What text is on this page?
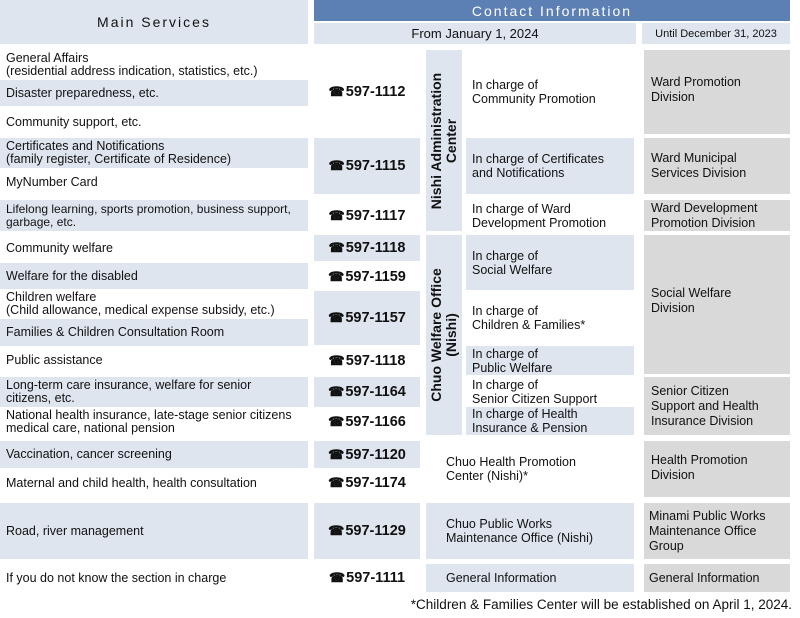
Main Services
Contact Information
From January 1, 2024	Until December 31, 2023
General Affairs
(residential address indication, statistics, etc.)
Disaster preparedness, etc.
Community support, etc.
Certificates and Notifications
(family register, Certificate of Residence)
MyNumber Card
Lifelong learning, sports promotion, business support,
garbage, etc.
Community welfare
Welfare for the disabled
Children welfare
(Child allowance, medical expense subsidy, etc.)
Families & Children Consultation Room
Public assistance
Long-term care insurance, welfare for senior
citizens, etc.
National health insurance, late-stage senior citizens
medical care, national pension
Vaccination, cancer screening
Maternal and child health, health consultation
Road, river management
If you do not know the section in charge
☎ 597-1112
☎ 597-1115
☎ 597-1117
☎ 597-1118
☎ 597-1159
☎ 597-1157
☎ 597-1118
☎ 597-1164
☎ 597-1166
☎ 597-1120
☎ 597-1174
☎ 597-1129
☎ 597-1111
Nishi Administration Center
Chuo Welfare Office (Nishi)
In charge of
Community Promotion
In charge of Certificates
and Notifications
In charge of Ward
Development Promotion
In charge of
Social Welfare
In charge of
Children & Families*
In charge of
Public Welfare
In charge of
Senior Citizen Support
In charge of Health
Insurance & Pension
Chuo Health Promotion
Center (Nishi)*
Chuo Public Works
Maintenance Office (Nishi)
General Information
Ward Promotion
Division
Ward Municipal
Services Division
Ward Development
Promotion Division
Social Welfare
Division
Senior Citizen
Support and Health
Insurance Division
Health Promotion
Division
Minami Public Works
Maintenance Office
Group
General Information
*Children & Families Center will be established on April 1, 2024.
